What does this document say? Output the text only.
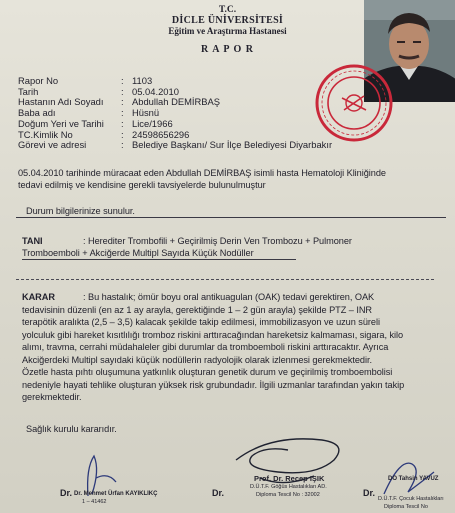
T.C.
DİCLE ÜNİVERSİTESİ
Eğitim ve Araştırma Hastanesi
R A P O R
Rapor No	: 1103
Tarih	: 05.04.2010
Hastanın Adı Soyadı : Abdullah DEMİRBAŞ
Baba adı	: Hüsnü
Doğum Yeri ve Tarihi : Lice/1966
TC.Kimlik No	: 24598656296
Görevi ve adresi	: Belediye Başkanı/ Sur İlçe Belediyesi Diyarbakır
05.04.2010 tarihinde müracaat eden Abdullah DEMİRBAŞ isimli hasta Hematoloji Kliniğinde
tedavi edilmiş ve kendisine gerekli tavsiyelerde bulunulmuştur
Durum bilgilerinize sunulur.
TANI	: Herediter Trombofili + Geçirilmiş Derin Ven Trombozu + Pulmoner
Tromboemboli + Akciğerde Multipl Sayıda Küçük Nodüller
KARAR	: Bu hastalık; ömür boyu oral antikuagulan (OAK) tedavi gerektiren, OAK
tedavisinin düzenli (en az 1 ay arayla, gerektiğinde 1 – 2 gün arayla) şekilde PTZ – INR
terapötik aralıkta (2,5 – 3,5) kalacak şekilde takip edilmesi, immobilizasyon ve uzun süreli
yolculuk gibi hareket kısıtlılığı tromboz riskini arttıracağından hareketsiz kalmaması, sigara, kilo
alımı, travma, cerrahi müdahaleler gibi durumlar da tromboemboli riskini arttıracaktır. Ayrıca
Akciğerdeki Multipl sayıdaki küçük nodüllerin radyolojik olarak izlenmesi gerekmektedir.
Özetle hasta pıhtı oluşumuna yatkınlık oluşturan genetik durum ve geçirilmiş tromboembolisi
nedeniyle hayati tehlike oluşturan yüksek risk grubundadır. İlgili uzmanlar tarafından yakın takip
gerekmektedir.
Sağlık kurulu kararıdır.
Dr. Dr. Mehmet Ürfan KAYIKLIKÇ
1 – 41462
Dr.
Prof. Dr. Recep IŞIK
D.Ü.T.F. Göğüs Hastalıkları AD.
Diploma Tescil No : 32002	Dr.
DO Tahsin YAVUZ
D.Ü.T.F. Çocuk Hastalıkları
Diploma Tescil No
